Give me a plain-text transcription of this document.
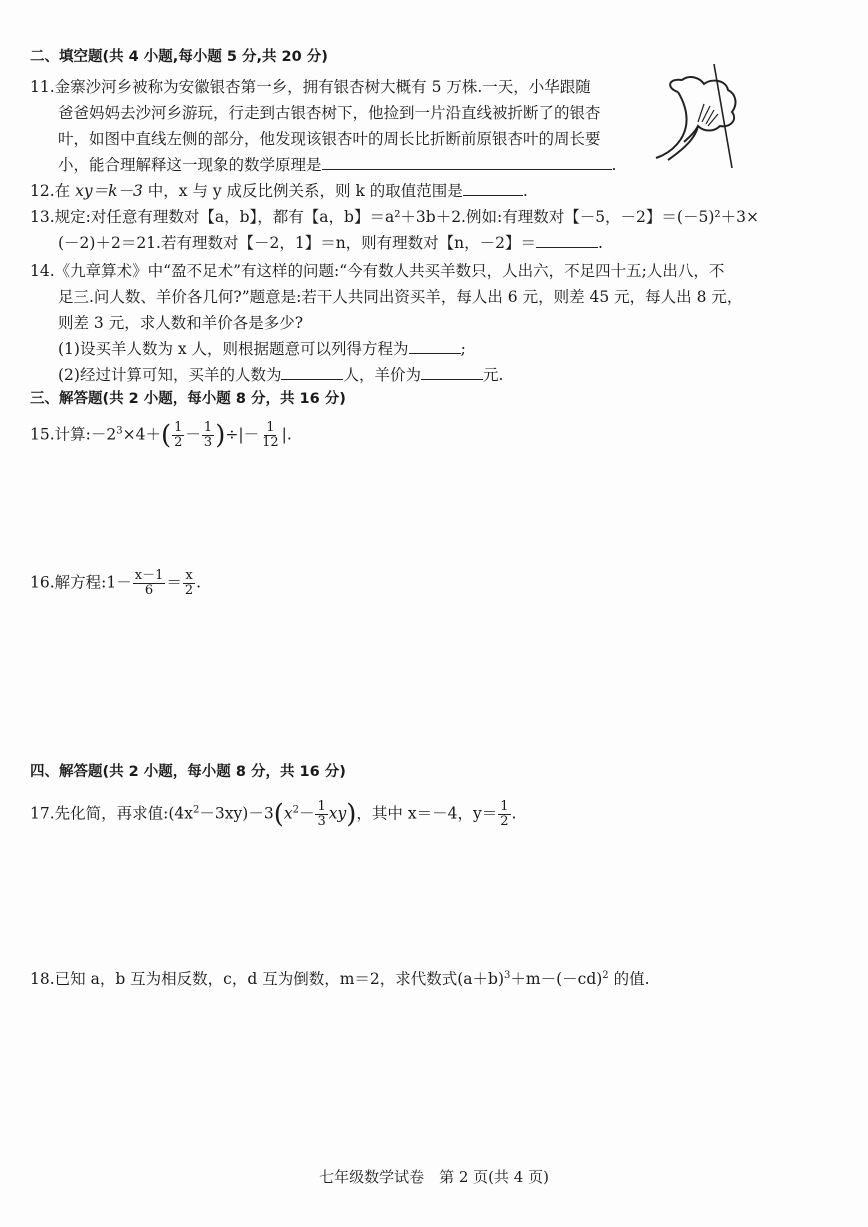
二、填空题(共 4 小题,每小题 5 分,共 20 分)
11.金寨沙河乡被称为安徽银杏第一乡，拥有银杏树大概有 5 万株.一天，小华跟随
爸爸妈妈去沙河乡游玩，行走到古银杏树下，他捡到一片沿直线被折断了的银杏
叶，如图中直线左侧的部分，他发现该银杏叶的周长比折断前原银杏叶的周长要
小，能合理解释这一现象的数学原理是	.
12.在 xy＝k－3 中，x 与 y 成反比例关系，则 k 的取值范围是	.
13.规定:对任意有理数对【a，b】，都有【a，b】＝a²＋3b＋2.例如:有理数对【－5，－2】＝(－5)²＋3×
(－2)＋2＝21.若有理数对【－2，1】＝n，则有理数对【n，－2】＝	.
14.《九章算术》中“盈不足术”有这样的问题:“今有数人共买羊数只，人出六，不足四十五;人出八，不
足三.问人数、羊价各几何?”题意是:若干人共同出资买羊，每人出 6 元，则差 45 元，每人出 8 元，
则差 3 元，求人数和羊价各是多少?
(1)设买羊人数为 x 人，则根据题意可以列得方程为	;
(2)经过计算可知，买羊的人数为	人，羊价为	元.
三、解答题(共 2 小题，每小题 8 分，共 16 分)
15.计算$:-2^3\times 4+( \frac{1}{2} - \frac{1}{3}$ )÷|－ $\frac{1}{12}$ |.
16.解方程:1－ $\frac{x-1}{6} = \frac{x}{2}$ .
四、解答题(共 2 小题，每小题 8 分，共 16 分)
17.先化简，再求值$:(4x^2-3xy)-3(x^2- \frac{1}{3} xy)$，其中 x＝－4，$y= \frac{1}{2}$ .
18.已知 a，b 互为相反数，c，d 互为倒数，m＝2，求代数式$(a+b)^3+m-(-cd)^2$ 的值.
七年级数学试卷　第 2 页(共 4 页)
